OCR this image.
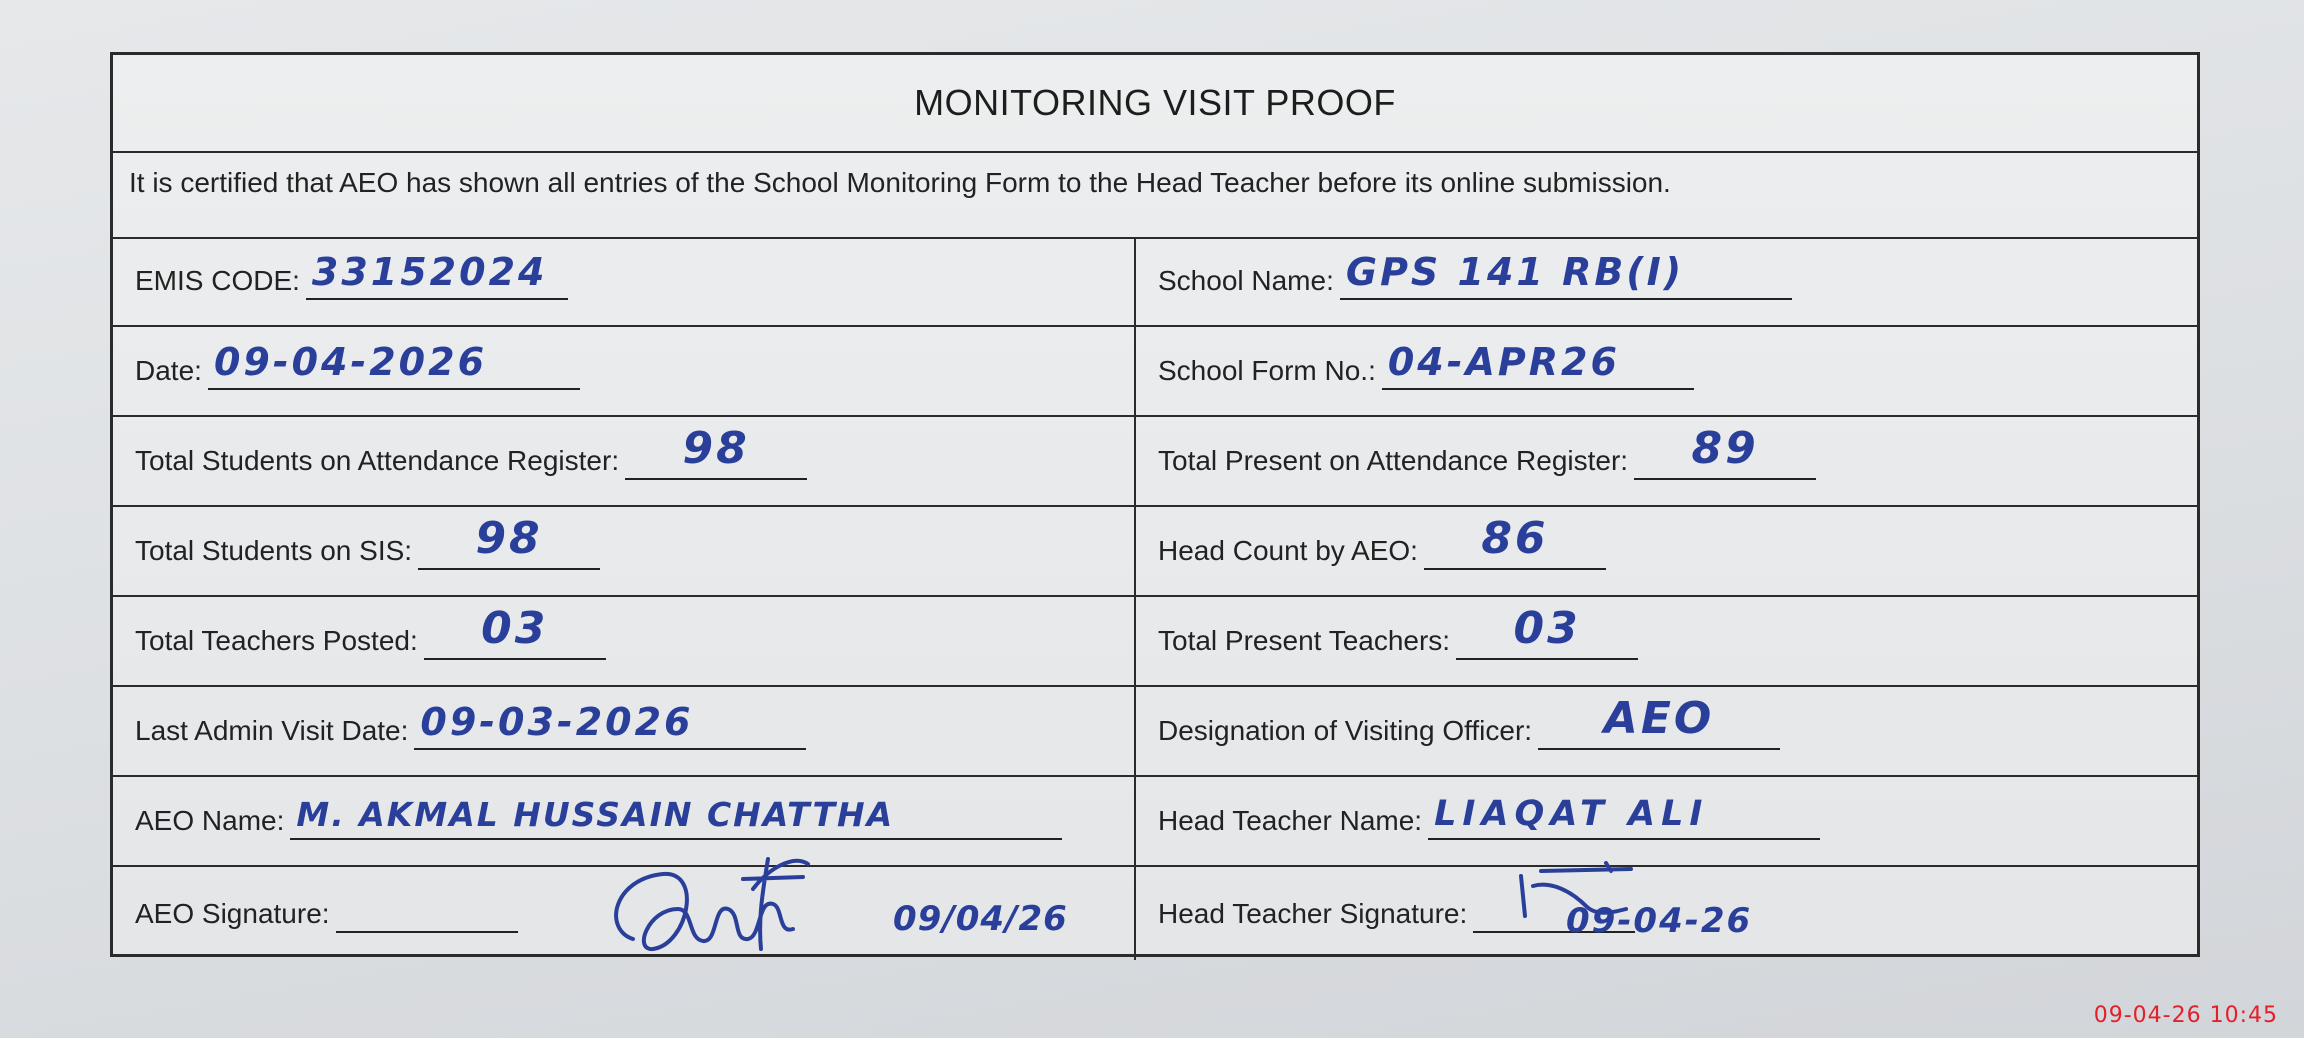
MONITORING VISIT PROOF
It is certified that AEO has shown all entries of the School Monitoring Form to the Head Teacher before its online submission.
EMIS CODE: 33152024	School Name: GPS 141 RB(I)
Date: 09-04-2026	School Form No.: 04-APR26
Total Students on Attendance Register: 98	Total Present on Attendance Register: 89
Total Students on SIS: 98	Head Count by AEO: 86
Total Teachers Posted: 03	Total Present Teachers: 03
Last Admin Visit Date: 09-03-2026	Designation of Visiting Officer: AEO
AEO Name: M. AKMAL HUSSAIN CHATTHA	Head Teacher Name: LIAQAT ALI
AEO Signature:	09/04/26	Head Teacher Signature:	09-04-26
09-04-26 10:45
